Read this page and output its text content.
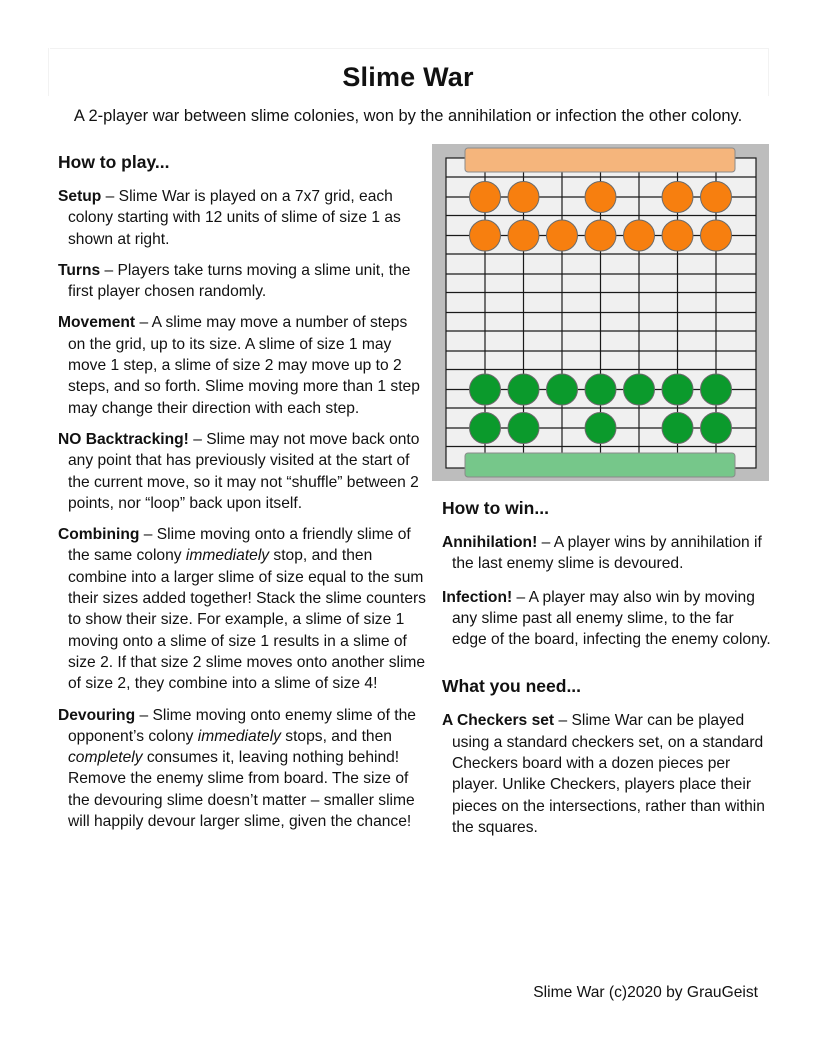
Slime War
A 2-player war between slime colonies, won by the annihilation or infection the other colony.
How to play...
Setup – Slime War is played on a 7x7 grid, each colony starting with 12 units of slime of size 1 as shown at right.
Turns – Players take turns moving a slime unit, the first player chosen randomly.
Movement – A slime may move a number of steps on the grid, up to its size. A slime of size 1 may move 1 step, a slime of size 2 may move up to 2 steps, and so forth. Slime moving more than 1 step may change their direction with each step.
NO Backtracking! – Slime may not move back onto any point that has previously visited at the start of the current move, so it may not “shuffle” between 2 points, nor “loop” back upon itself.
Combining – Slime moving onto a friendly slime of the same colony immediately stop, and then combine into a larger slime of size equal to the sum their sizes added together! Stack the slime counters to show their size. For example, a slime of size 1 moving onto a slime of size 1 results in a slime of size 2. If that size 2 slime moves onto another slime of size 2, they combine into a slime of size 4!
Devouring – Slime moving onto enemy slime of the opponent’s colony immediately stops, and then completely consumes it, leaving nothing behind! Remove the enemy slime from board. The size of the devouring slime doesn’t matter – smaller slime will happily devour larger slime, given the chance!
How to win...
Annihilation! – A player wins by annihilation if the last enemy slime is devoured.
Infection! – A player may also win by moving any slime past all enemy slime, to the far edge of the board, infecting the enemy colony.
What you need...
A Checkers set – Slime War can be played using a standard checkers set, on a standard Checkers board with a dozen pieces per player. Unlike Checkers, players place their pieces on the intersections, rather than within the squares.
Slime War (c)2020 by GrauGeist
